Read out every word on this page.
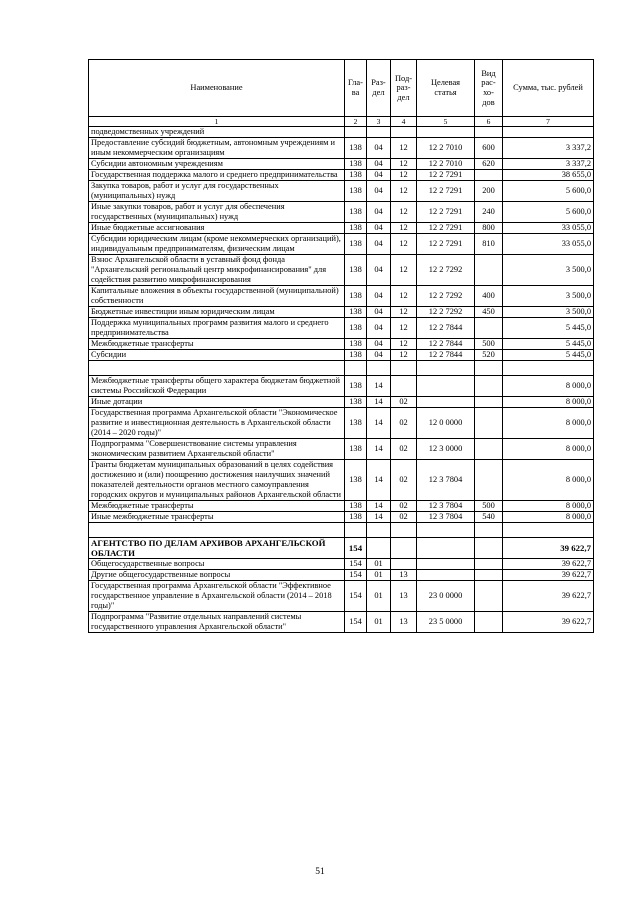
Наименование	Гла- ва	Раз- дел	Под- раз- дел	Целевая статья	Вид рас- хо- дов	Сумма, тыс. рублей
1	2	3	4	5	6	7
подведомственных учреждений						
Предоставление субсидий бюджетным, автономным учреждениям и иным некоммерческим организациям	138	04	12	12 2 7010	600	3 337,2
Субсидии автономным учреждениям	138	04	12	12 2 7010	620	3 337,2
Государственная поддержка малого и среднего предпринимательства	138	04	12	12 2 7291		38 655,0
Закупка товаров, работ и услуг для государственных (муниципальных) нужд	138	04	12	12 2 7291	200	5 600,0
Иные закупки товаров, работ и услуг для обеспечения государственных (муниципальных) нужд	138	04	12	12 2 7291	240	5 600,0
Иные бюджетные ассигнования	138	04	12	12 2 7291	800	33 055,0
Субсидии юридическим лицам (кроме некоммерческих организаций), индивидуальным предпринимателям, физическим лицам	138	04	12	12 2 7291	810	33 055,0
Взнос Архангельской области в уставный фонд фонда "Архангельский региональный центр микрофинансирования" для содействия развитию микрофинансирования	138	04	12	12 2 7292		3 500,0
Капитальные вложения в объекты государственной (муниципальной) собственности	138	04	12	12 2 7292	400	3 500,0
Бюджетные инвестиции иным юридическим лицам	138	04	12	12 2 7292	450	3 500,0
Поддержка муниципальных программ развития малого и среднего предпринимательства	138	04	12	12 2 7844		5 445,0
Межбюджетные трансферты	138	04	12	12 2 7844	500	5 445,0
Субсидии	138	04	12	12 2 7844	520	5 445,0

Межбюджетные трансферты общего характера бюджетам бюджетной системы Российской Федерации	138	14				8 000,0
Иные дотации	138	14	02			8 000,0
Государственная программа Архангельской области "Экономическое развитие и инвестиционная деятельность в Архангельской области (2014 – 2020 годы)"	138	14	02	12 0 0000		8 000,0
Подпрограмма "Совершенствование системы управления экономическим развитием Архангельской области"	138	14	02	12 3 0000		8 000,0
Гранты бюджетам муниципальных образований в целях содействия достижению и (или) поощрению достижения наилучших значений показателей деятельности органов местного самоуправления городских округов и муниципальных районов Архангельской области	138	14	02	12 3 7804		8 000,0
Межбюджетные трансферты	138	14	02	12 3 7804	500	8 000,0
Иные межбюджетные трансферты	138	14	02	12 3 7804	540	8 000,0

АГЕНТСТВО ПО ДЕЛАМ АРХИВОВ АРХАНГЕЛЬСКОЙ ОБЛАСТИ	154					39 622,7
Общегосударственные вопросы	154	01				39 622,7
Другие общегосударственные вопросы	154	01	13			39 622,7
Государственная программа Архангельской области "Эффективное государственное управление в Архангельской области (2014 – 2018 годы)"	154	01	13	23 0 0000		39 622,7
Подпрограмма "Развитие отдельных направлений системы государственного управления Архангельской области"	154	01	13	23 5 0000		39 622,7
51
